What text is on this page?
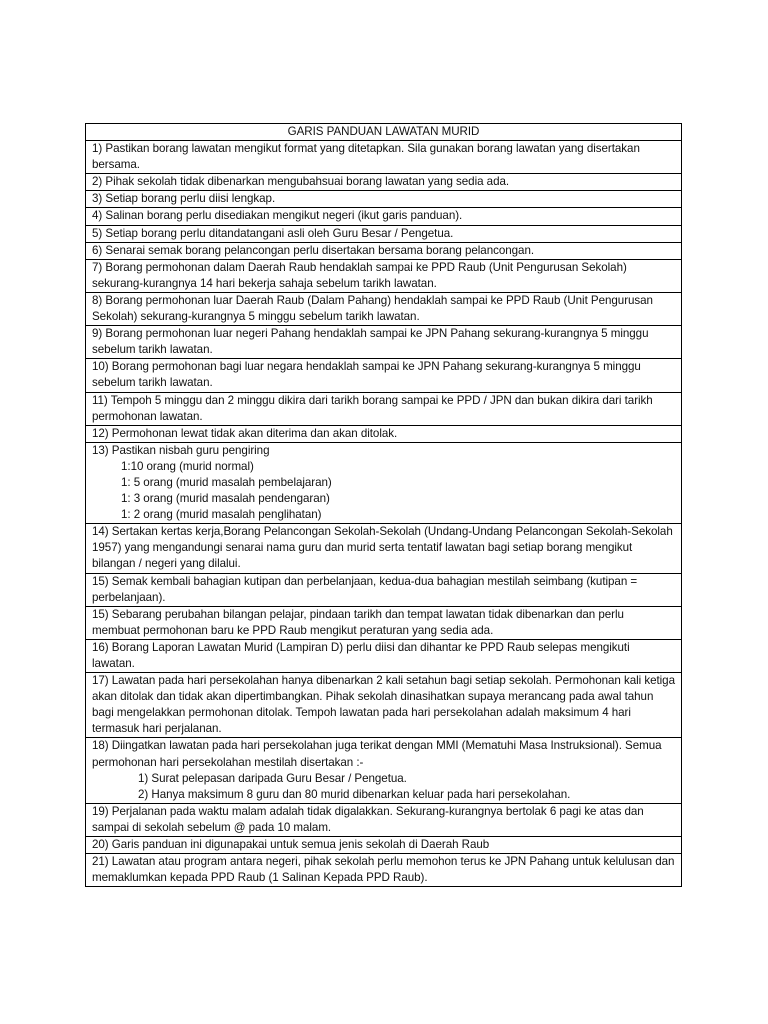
GARIS PANDUAN LAWATAN MURID
1) Pastikan borang lawatan mengikut format yang ditetapkan. Sila gunakan borang lawatan yang disertakan bersama.
2) Pihak sekolah tidak dibenarkan mengubahsuai borang lawatan yang sedia ada.
3) Setiap borang perlu diisi lengkap.
4) Salinan borang perlu disediakan mengikut negeri (ikut garis panduan).
5) Setiap borang perlu ditandatangani asli oleh Guru Besar / Pengetua.
6) Senarai semak borang pelancongan perlu disertakan bersama borang pelancongan.
7) Borang permohonan dalam Daerah Raub hendaklah sampai ke PPD Raub (Unit Pengurusan Sekolah) sekurang-kurangnya 14 hari bekerja sahaja sebelum tarikh lawatan.
8) Borang permohonan luar Daerah Raub (Dalam Pahang) hendaklah sampai ke PPD Raub (Unit Pengurusan Sekolah) sekurang-kurangnya 5 minggu sebelum tarikh lawatan.
9) Borang permohonan luar negeri Pahang hendaklah sampai ke JPN Pahang sekurang-kurangnya 5 minggu sebelum tarikh lawatan.
10) Borang permohonan bagi luar negara hendaklah sampai ke JPN Pahang sekurang-kurangnya 5 minggu sebelum tarikh lawatan.
11) Tempoh 5 minggu dan 2 minggu dikira dari tarikh borang sampai ke PPD / JPN dan bukan dikira dari tarikh permohonan lawatan.
12) Permohonan lewat tidak akan diterima dan akan ditolak.

13) Pastikan nisbah guru pengiring
1:10 orang (murid normal)
1: 5 orang (murid masalah pembelajaran)
1: 3 orang (murid masalah pendengaran)
1: 2 orang (murid masalah penglihatan)

14) Sertakan kertas kerja,Borang Pelancongan Sekolah-Sekolah (Undang-Undang Pelancongan Sekolah-Sekolah 1957) yang mengandungi senarai nama guru dan murid serta tentatif lawatan bagi setiap borang mengikut bilangan / negeri yang dilalui.
15) Semak kembali bahagian kutipan dan perbelanjaan, kedua-dua bahagian mestilah seimbang (kutipan = perbelanjaan).
15) Sebarang perubahan bilangan pelajar, pindaan tarikh dan tempat lawatan tidak dibenarkan dan perlu membuat permohonan baru ke PPD Raub mengikut peraturan yang sedia ada.
16) Borang Laporan Lawatan Murid (Lampiran D) perlu diisi dan dihantar ke PPD Raub selepas mengikuti lawatan.
17) Lawatan pada hari persekolahan hanya dibenarkan 2 kali setahun bagi setiap sekolah. Permohonan kali ketiga akan ditolak dan tidak akan dipertimbangkan. Pihak sekolah dinasihatkan supaya merancang pada awal tahun bagi mengelakkan permohonan ditolak. Tempoh lawatan pada hari persekolahan adalah maksimum 4 hari termasuk hari perjalanan.

18) Diingatkan lawatan pada hari persekolahan juga terikat dengan MMI (Mematuhi Masa Instruksional). Semua permohonan hari persekolahan mestilah disertakan :-
1) Surat pelepasan daripada Guru Besar / Pengetua.
2) Hanya maksimum 8 guru dan 80 murid dibenarkan keluar pada hari persekolahan.

19) Perjalanan pada waktu malam adalah tidak digalakkan. Sekurang-kurangnya bertolak 6 pagi ke atas dan sampai di sekolah sebelum @ pada 10 malam.
20) Garis panduan ini digunapakai untuk semua jenis sekolah di Daerah Raub
21) Lawatan atau program antara negeri, pihak sekolah perlu memohon terus ke JPN Pahang untuk kelulusan dan memaklumkan kepada PPD Raub (1 Salinan Kepada PPD Raub).
